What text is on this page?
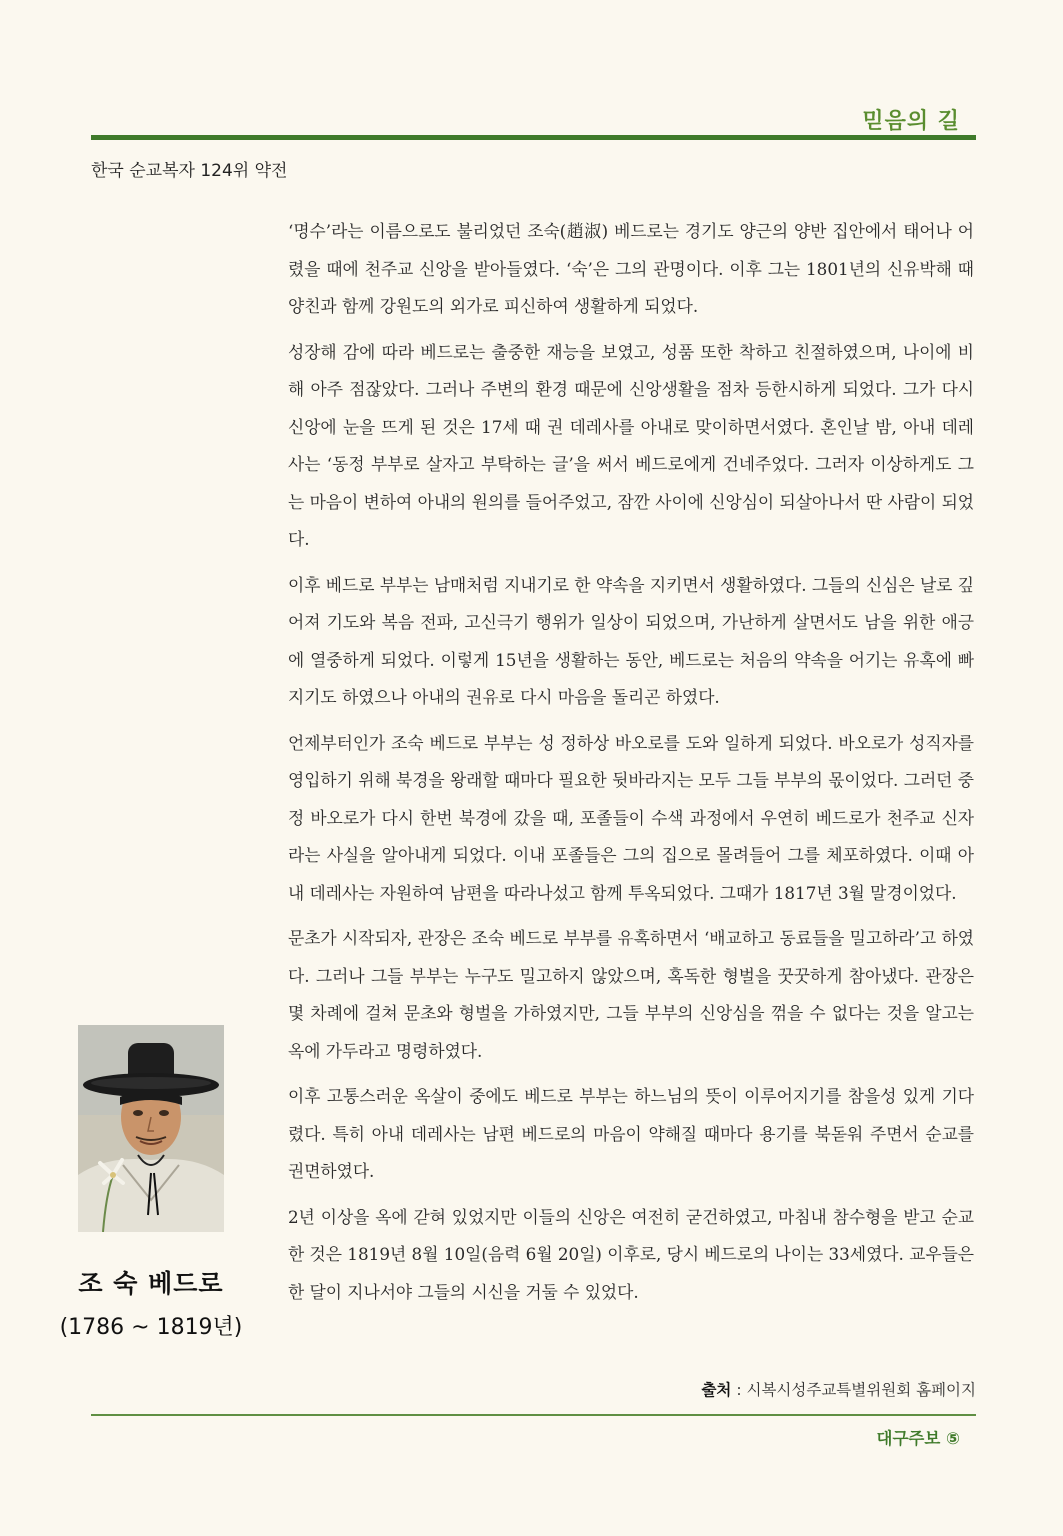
믿음의 길
한국 순교복자 124위 약전

‘명수’라는 이름으로도 불리었던 조숙(趙淑) 베드로는 경기도 양근의 양반 집안에서 태어나 어렸을 때에 천주교 신앙을 받아들였다. ‘숙’은 그의 관명이다. 이후 그는 1801년의 신유박해 때 양친과 함께 강원도의 외가로 피신하여 생활하게 되었다.

성장해 감에 따라 베드로는 출중한 재능을 보였고, 성품 또한 착하고 친절하였으며, 나이에 비해 아주 점잖았다. 그러나 주변의 환경 때문에 신앙생활을 점차 등한시하게 되었다. 그가 다시 신앙에 눈을 뜨게 된 것은 17세 때 권 데레사를 아내로 맞이하면서였다. 혼인날 밤, 아내 데레사는 ‘동정 부부로 살자고 부탁하는 글’을 써서 베드로에게 건네주었다. 그러자 이상하게도 그는 마음이 변하여 아내의 원의를 들어주었고, 잠깐 사이에 신앙심이 되살아나서 딴 사람이 되었다.

이후 베드로 부부는 남매처럼 지내기로 한 약속을 지키면서 생활하였다. 그들의 신심은 날로 깊어져 기도와 복음 전파, 고신극기 행위가 일상이 되었으며, 가난하게 살면서도 남을 위한 애긍에 열중하게 되었다. 이렇게 15년을 생활하는 동안, 베드로는 처음의 약속을 어기는 유혹에 빠지기도 하였으나 아내의 권유로 다시 마음을 돌리곤 하였다.

언제부터인가 조숙 베드로 부부는 성 정하상 바오로를 도와 일하게 되었다. 바오로가 성직자를 영입하기 위해 북경을 왕래할 때마다 필요한 뒷바라지는 모두 그들 부부의 몫이었다. 그러던 중 정 바오로가 다시 한번 북경에 갔을 때, 포졸들이 수색 과정에서 우연히 베드로가 천주교 신자라는 사실을 알아내게 되었다. 이내 포졸들은 그의 집으로 몰려들어 그를 체포하였다. 이때 아내 데레사는 자원하여 남편을 따라나섰고 함께 투옥되었다. 그때가 1817년 3월 말경이었다.

문초가 시작되자, 관장은 조숙 베드로 부부를 유혹하면서 ‘배교하고 동료들을 밀고하라’고 하였다. 그러나 그들 부부는 누구도 밀고하지 않았으며, 혹독한 형벌을 꿋꿋하게 참아냈다. 관장은 몇 차례에 걸쳐 문초와 형벌을 가하였지만, 그들 부부의 신앙심을 꺾을 수 없다는 것을 알고는 옥에 가두라고 명령하였다.

이후 고통스러운 옥살이 중에도 베드로 부부는 하느님의 뜻이 이루어지기를 참을성 있게 기다렸다. 특히 아내 데레사는 남편 베드로의 마음이 약해질 때마다 용기를 북돋워 주면서 순교를 권면하였다.

2년 이상을 옥에 갇혀 있었지만 이들의 신앙은 여전히 굳건하였고, 마침내 참수형을 받고 순교한 것은 1819년 8월 10일(음력 6월 20일) 이후로, 당시 베드로의 나이는 33세였다. 교우들은 한 달이 지나서야 그들의 시신을 거둘 수 있었다.

조 숙 베드로
(1786 ~ 1819년)
출처 : 시복시성주교특별위원회 홈페이지
대구주보 ⑤
